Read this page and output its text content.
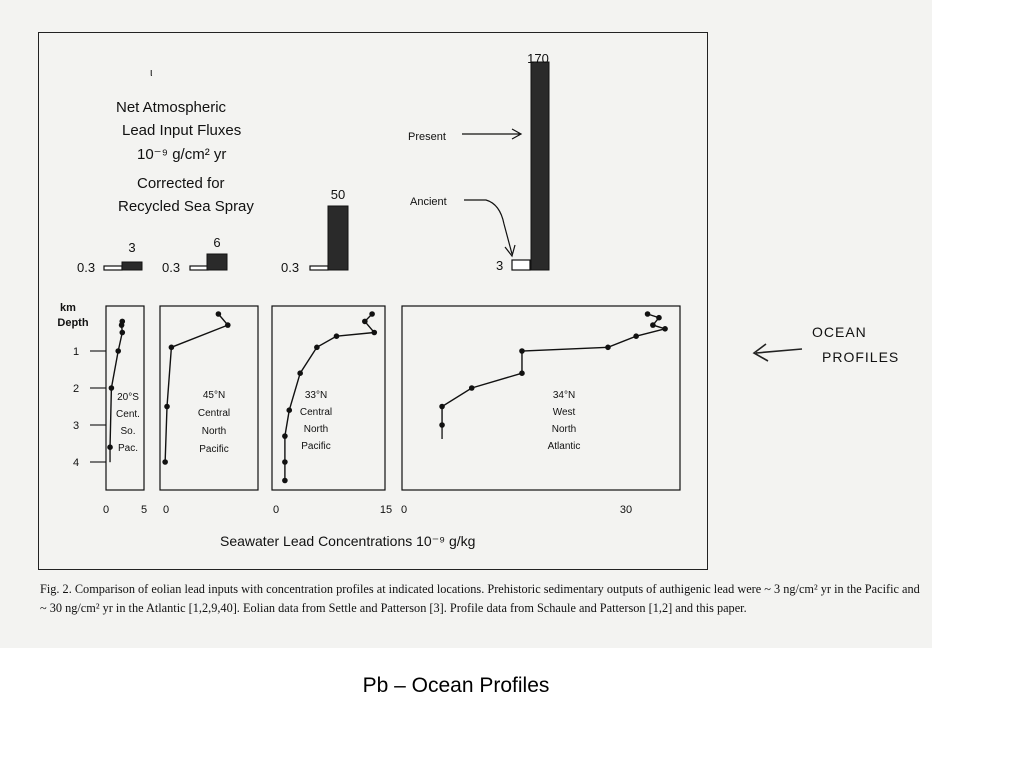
ι
Net Atmospheric
Lead Input Fluxes
10⁻⁹ g/cm² yr
Corrected for
Recycled Sea Spray
0.3
3
0.3
6
0.3
50
3
170
Present
Ancient
20°S
Cent.
So.
Pac.
0	5
45°N
Central
North
Pacific
0
33°N
Central
North
Pacific
0	15
34°N
West
North
Atlantic
0	30
km
Depth
1
2
3
4
Seawater Lead Concentrations 10⁻⁹ g/kg
OCEAN
PROFILES

Fig. 2. Comparison of eolian lead inputs with concentration profiles at indicated locations. Prehistoric sedimentary outputs of authigenic lead were ~ 3 ng/cm² yr in the Pacific and ~ 30 ng/cm² yr in the Atlantic [1,2,9,40]. Eolian data from Settle and Patterson [3]. Profile data from Schaule and Patterson [1,2] and this paper.

Pb – Ocean Profiles
